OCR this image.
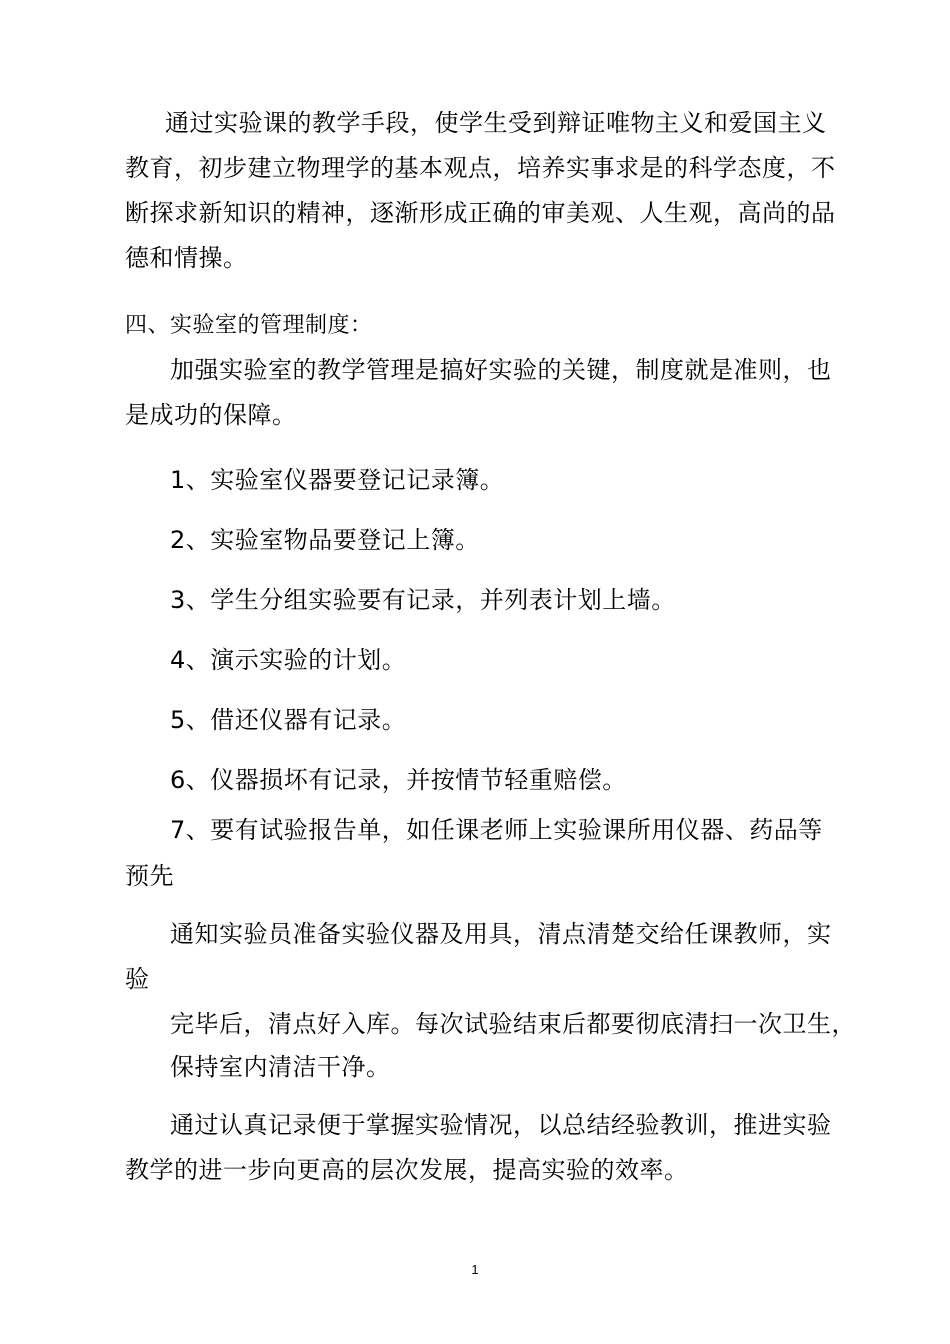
通过实验课的教学手段，使学生受到辩证唯物主义和爱国主义
教育，初步建立物理学的基本观点，培养实事求是的科学态度，不
断探求新知识的精神，逐渐形成正确的审美观、人生观，高尚的品
德和情操。
四、实验室的管理制度：
加强实验室的教学管理是搞好实验的关键，制度就是准则，也
是成功的保障。
1、实验室仪器要登记记录簿。
2、实验室物品要登记上簿。
3、学生分组实验要有记录，并列表计划上墙。
4、演示实验的计划。
5、借还仪器有记录。
6、仪器损坏有记录，并按情节轻重赔偿。
7、要有试验报告单，如任课老师上实验课所用仪器、药品等
预先
通知实验员准备实验仪器及用具，清点清楚交给任课教师，实
验
完毕后，清点好入库。每次试验结束后都要彻底清扫一次卫生，
保持室内清洁干净。
通过认真记录便于掌握实验情况，以总结经验教训，推进实验
教学的进一步向更高的层次发展，提高实验的效率。
1
